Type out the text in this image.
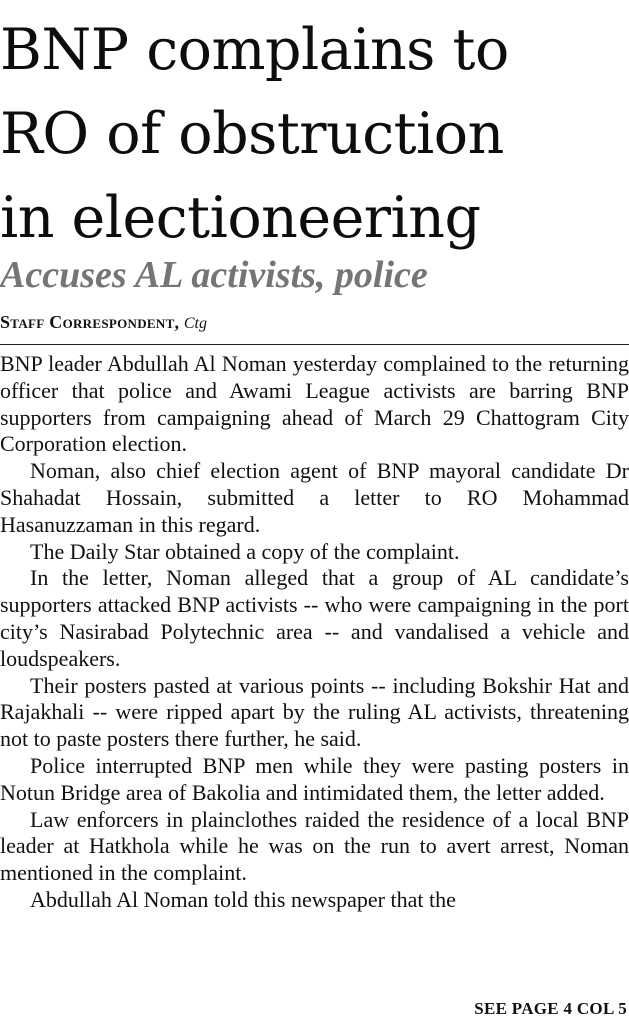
BNP complains to
RO of obstruction
in electioneering
Accuses AL activists, police
Staff Correspondent, Ctg

BNP leader Abdullah Al Noman yesterday complained to the returning officer that police and Awami League activists are barring BNP supporters from campaigning ahead of March 29 Chattogram City Corporation election.

Noman, also chief election agent of BNP mayoral candidate Dr Shahadat Hossain, submitted a letter to RO Mohammad Hasanuzzaman in this regard.

The Daily Star obtained a copy of the complaint.

In the letter, Noman alleged that a group of AL candidate’s supporters attacked BNP activists -- who were campaigning in the port city’s Nasirabad Polytechnic area -- and vandalised a vehicle and loudspeakers.

Their posters pasted at various points -- including Bokshir Hat and Rajakhali -- were ripped apart by the ruling AL activists, threatening not to paste posters there further, he said.

Police interrupted BNP men while they were pasting posters in Notun Bridge area of Bakolia and intimidated them, the letter added.

Law enforcers in plainclothes raided the residence of a local BNP leader at Hatkhola while he was on the run to avert arrest, Noman mentioned in the complaint.

Abdullah Al Noman told this newspaper that the

SEE PAGE 4 COL 5
